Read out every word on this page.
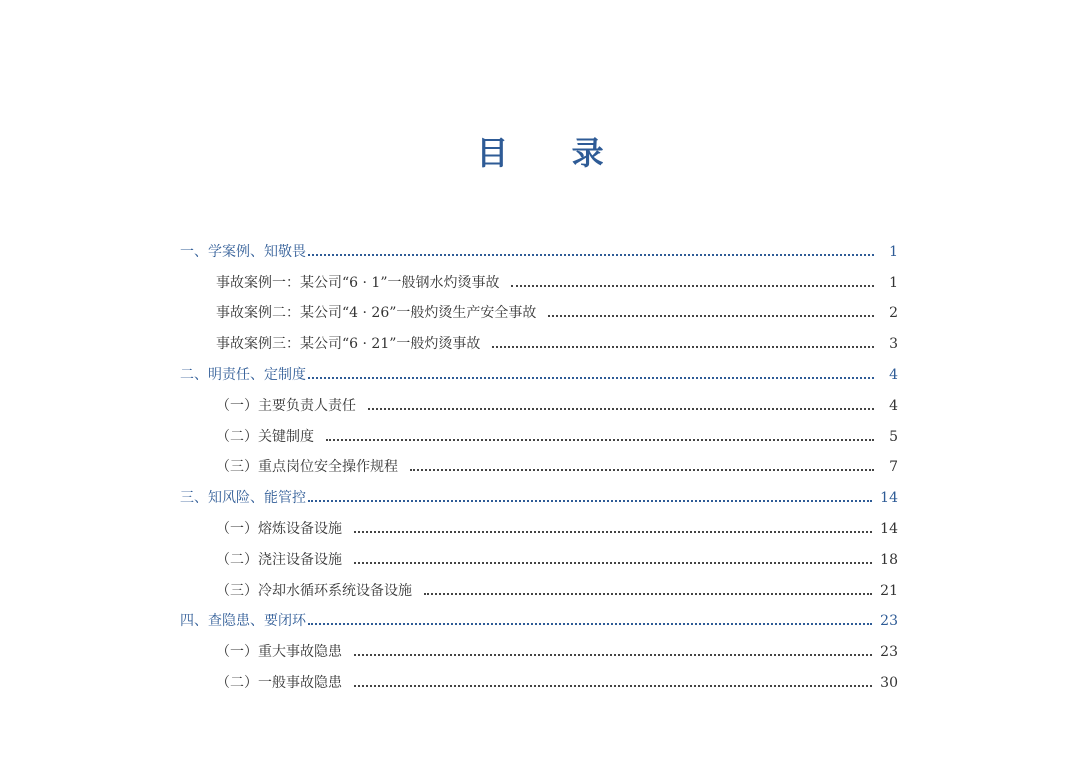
目 录
一、学案例、知敬畏	1
事故案例一：某公司“6 · 1”一般钢水灼烫事故	1
事故案例二：某公司“4 · 26”一般灼烫生产安全事故	2
事故案例三：某公司“6 · 21”一般灼烫事故	3
二、明责任、定制度	4
（一）主要负责人责任	4
（二）关键制度	5
（三）重点岗位安全操作规程	7
三、知风险、能管控	14
（一）熔炼设备设施	14
（二）浇注设备设施	18
（三）冷却水循环系统设备设施	21
四、查隐患、要闭环	23
（一）重大事故隐患	23
（二）一般事故隐患	30
